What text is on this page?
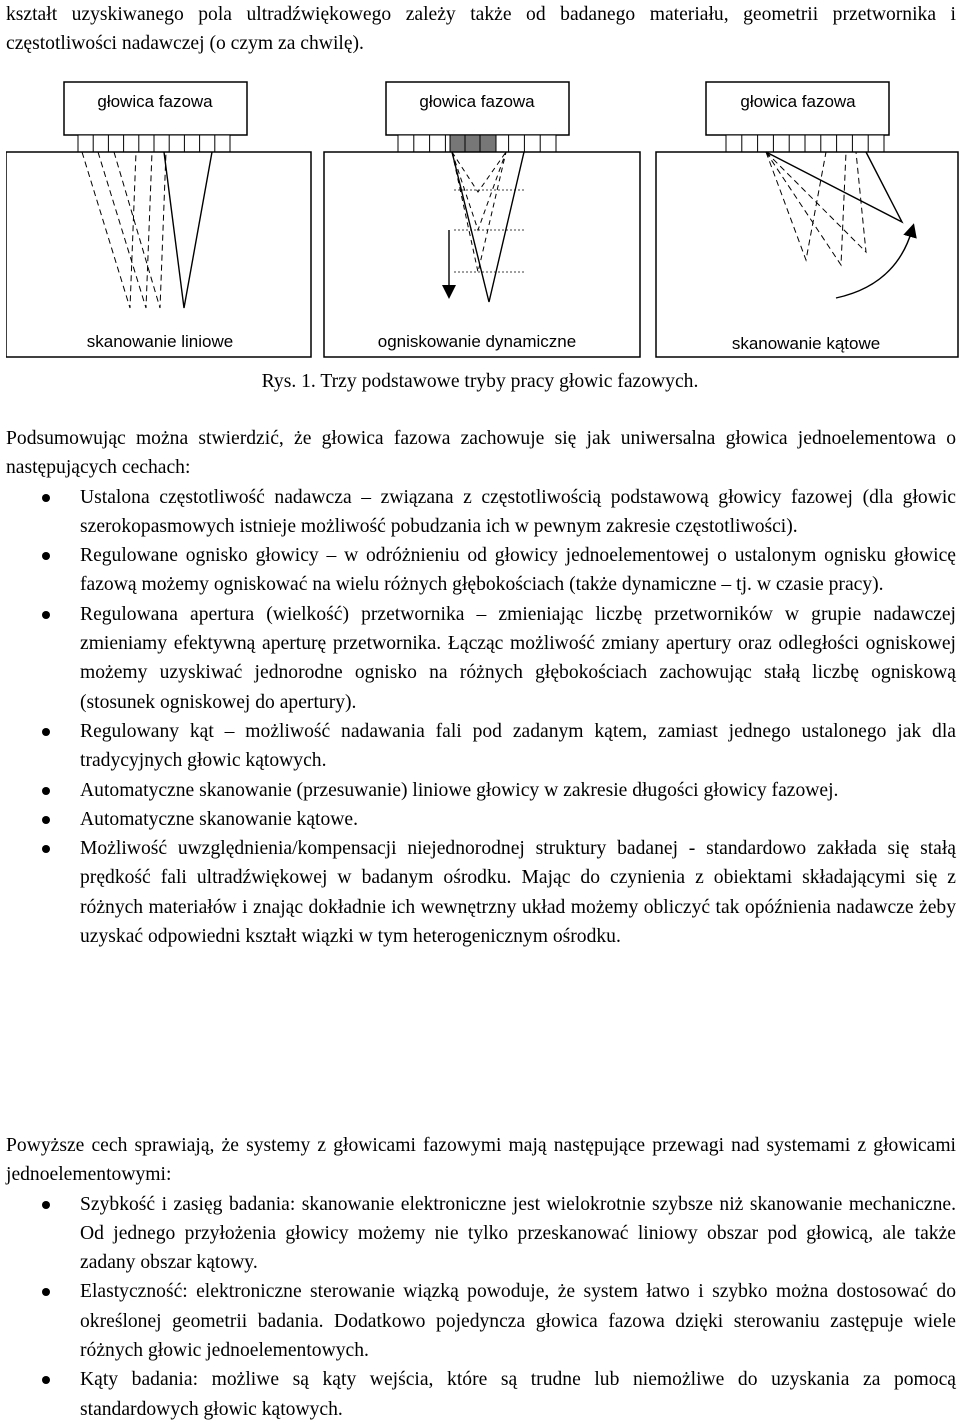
kształt uzyskiwanego pola ultradźwiękowego zależy także od badanego materiału, geometrii przetwornika i częstotliwości nadawczej (o czym za chwilę).

głowica fazowa
skanowanie liniowe
głowica fazowa
ogniskowanie dynamiczne
głowica fazowa
skanowanie kątowe

Rys. 1. Trzy podstawowe tryby pracy głowic fazowych.

Podsumowując można stwierdzić, że głowica fazowa zachowuje się jak uniwersalna głowica jednoelementowa o następujących cechach:

Ustalona częstotliwość nadawcza – związana z częstotliwością podstawową głowicy fazowej (dla głowic szerokopasmowych istnieje możliwość pobudzania ich w pewnym zakresie częstotliwości).
Regulowane ognisko głowicy – w odróżnieniu od głowicy jednoelementowej o ustalonym ognisku głowicę fazową możemy ogniskować na wielu różnych głębokościach (także dynamiczne – tj. w czasie pracy).
Regulowana apertura (wielkość) przetwornika – zmieniając liczbę przetworników w grupie nadawczej zmieniamy efektywną aperturę przetwornika. Łącząc możliwość zmiany apertury oraz odległości ogniskowej możemy uzyskiwać jednorodne ognisko na różnych głębokościach zachowując stałą liczbę ogniskową (stosunek ogniskowej do apertury).
Regulowany kąt – możliwość nadawania fali pod zadanym kątem, zamiast jednego ustalonego jak dla tradycyjnych głowic kątowych.
Automatyczne skanowanie (przesuwanie) liniowe głowicy w zakresie długości głowicy fazowej.
Automatyczne skanowanie kątowe.
Możliwość uwzględnienia/kompensacji niejednorodnej struktury badanej - standardowo zakłada się stałą prędkość fali ultradźwiękowej w badanym ośrodku. Mając do czynienia z obiektami składającymi się z różnych materiałów i znając dokładnie ich wewnętrzny układ możemy obliczyć tak opóźnienia nadawcze żeby uzyskać odpowiedni kształt wiązki w tym heterogenicznym ośrodku.

Powyższe cech sprawiają, że systemy z głowicami fazowymi mają następujące przewagi nad systemami z głowicami jednoelementowymi:

Szybkość i zasięg badania: skanowanie elektroniczne jest wielokrotnie szybsze niż skanowanie mechaniczne. Od jednego przyłożenia głowicy możemy nie tylko przeskanować liniowy obszar pod głowicą, ale także zadany obszar kątowy.
Elastyczność: elektroniczne sterowanie wiązką powoduje, że system łatwo i szybko można dostosować do określonej geometrii badania. Dodatkowo pojedyncza głowica fazowa dzięki sterowaniu zastępuje wiele różnych głowic jednoelementowych.
Kąty badania: możliwe są kąty wejścia, które są trudne lub niemożliwe do uzyskania za pomocą standardowych głowic kątowych.
